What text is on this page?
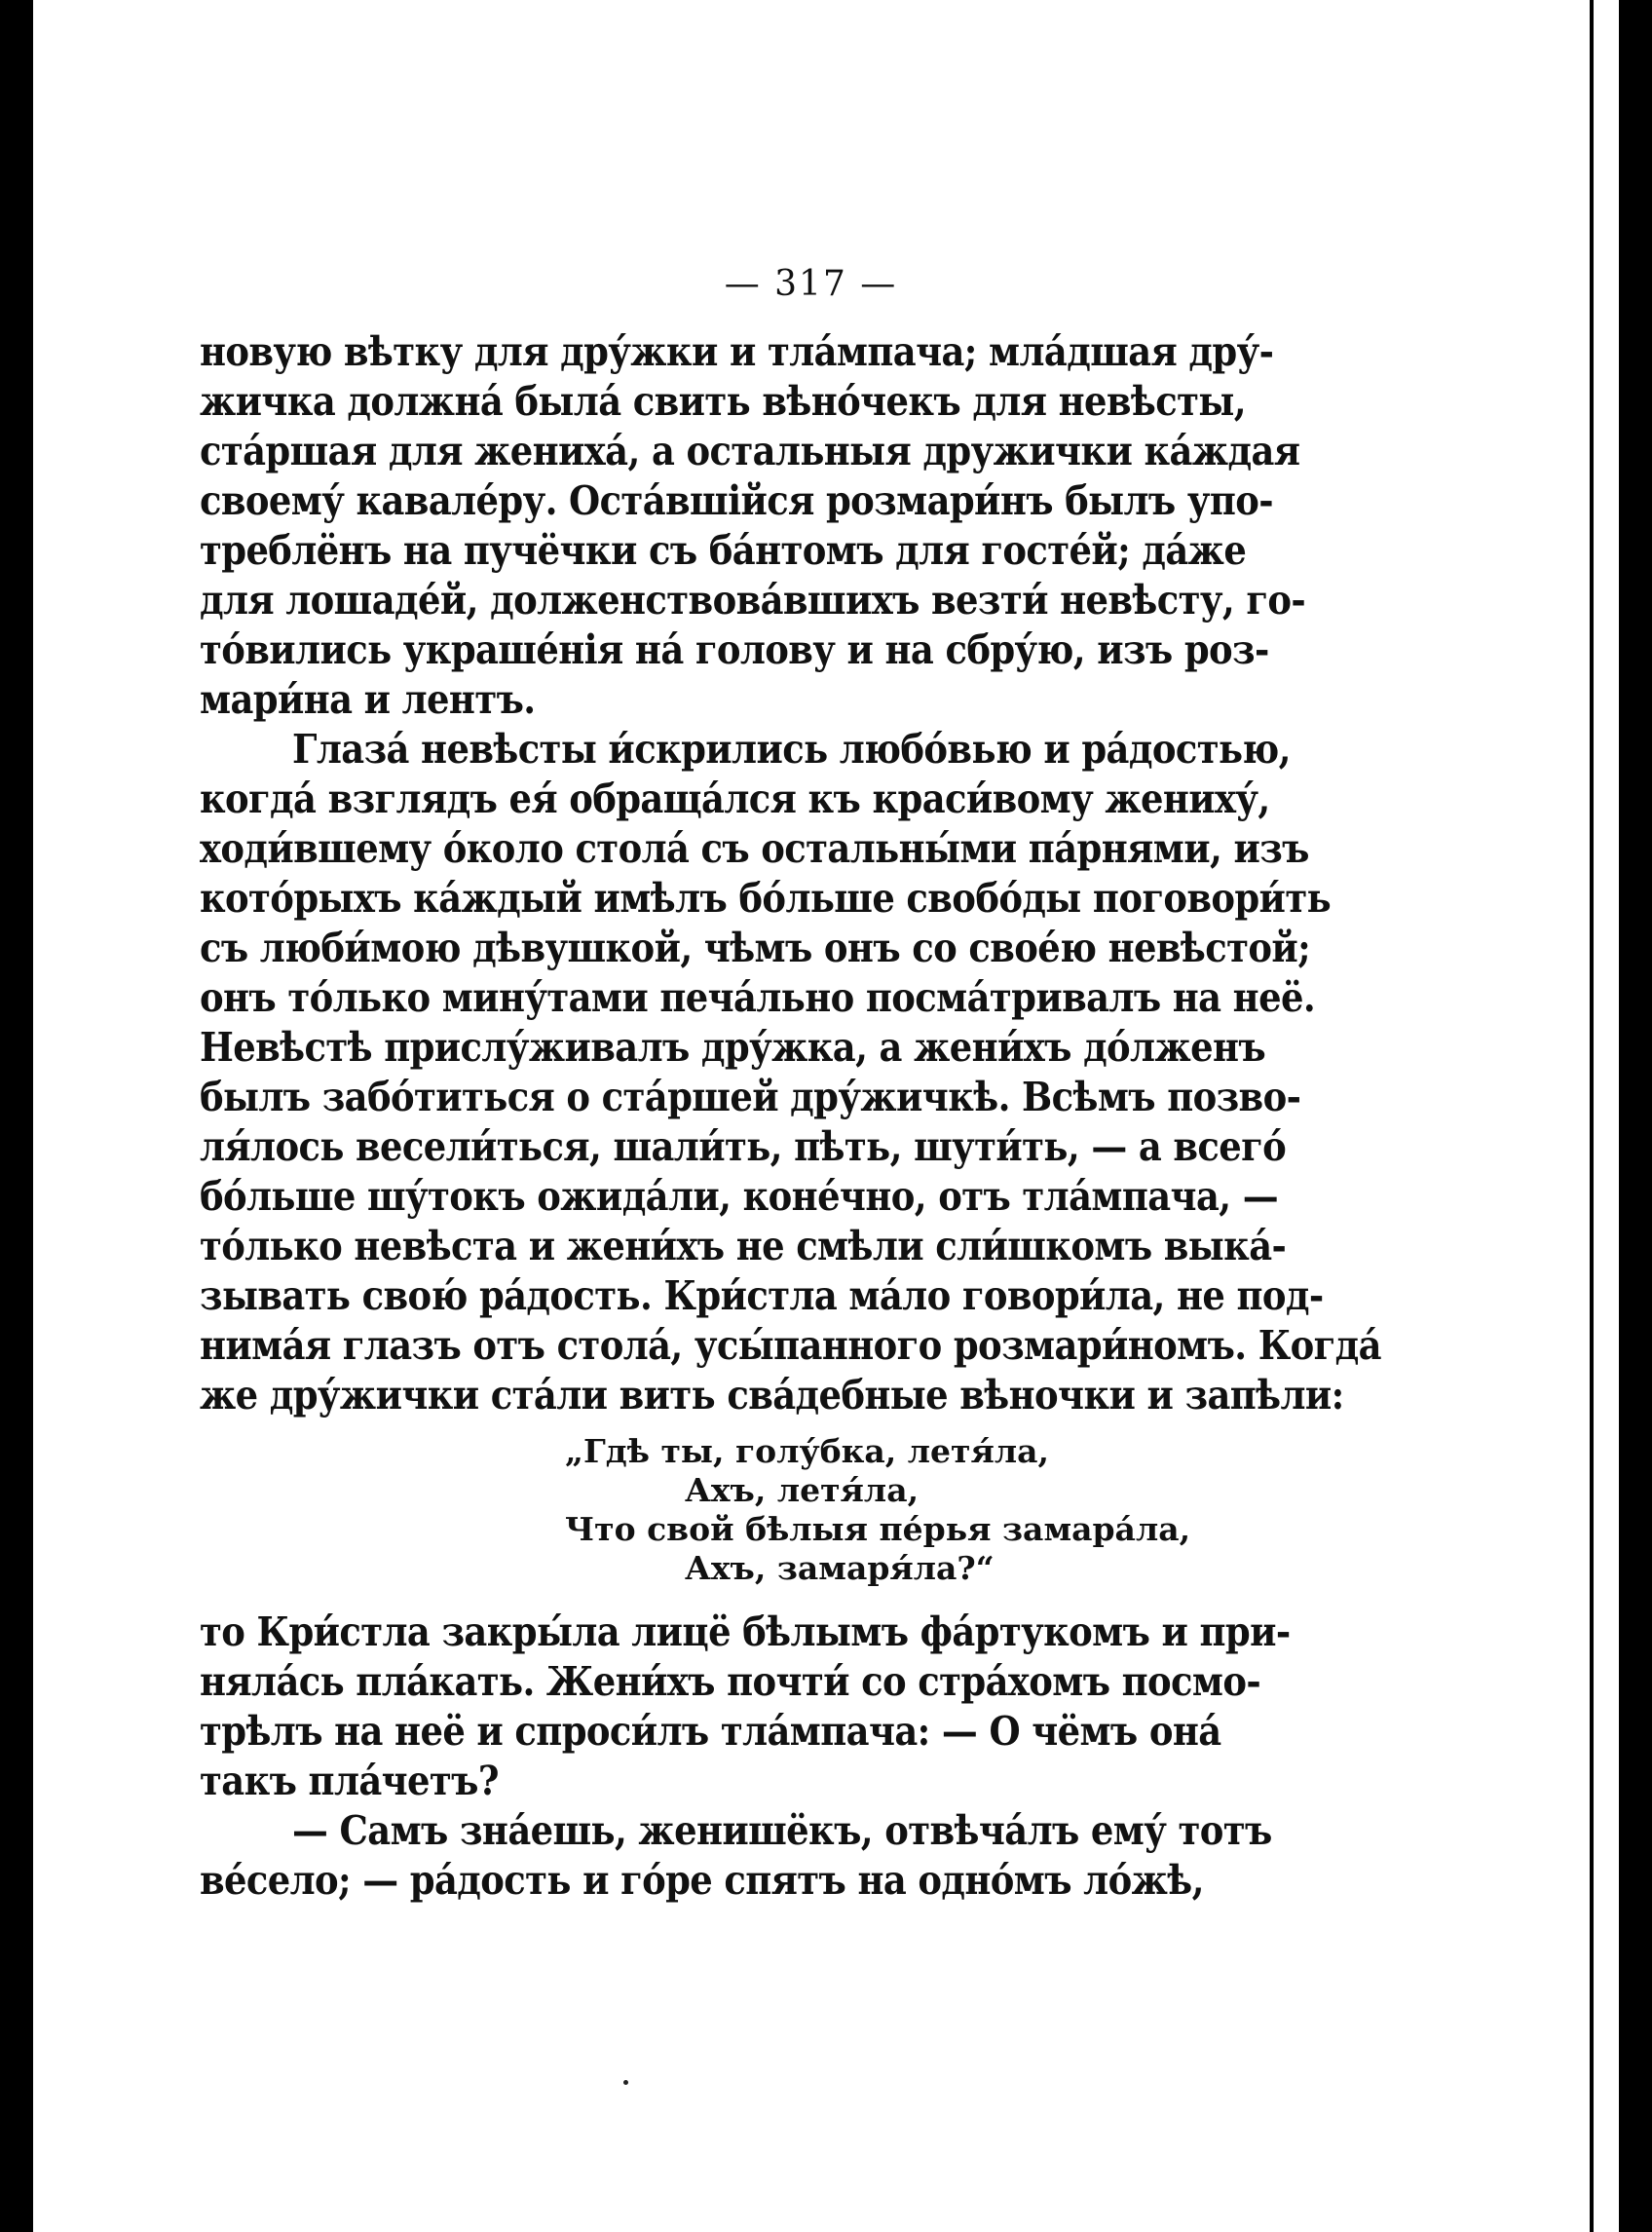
— 317 —
новую вѣтку для дру́жки и тла́мпача; мла́дшая дру́-
жичка должна́ была́ свить вѣно́чекъ для невѣсты,
ста́ршая для жениха́, а остальныя дружички ка́ждая
своему́ кавале́ру. Оста́вшійся розмари́нъ былъ упо-
треблёнъ на пучёчки съ ба́нтомъ для госте́й; да́же
для лошаде́й, долженствова́вшихъ везти́ невѣсту, го-
то́вились украше́нія на́ голову и на сбру́ю, изъ роз-
мари́на и лентъ.
Глаза́ невѣсты и́скрились любо́вью и ра́достью,
когда́ взглядъ ея́ обраща́лся къ краси́вому жениху́,
ходи́вшему о́коло стола́ съ остальны́ми па́рнями, изъ
кото́рыхъ ка́ждый имѣлъ бо́льше свобо́ды поговори́ть
съ люби́мою дѣвушкой, чѣмъ онъ со свое́ю невѣстой;
онъ то́лько мину́тами печа́льно посма́тривалъ на неё.
Невѣстѣ прислу́живалъ дру́жка, а жени́хъ до́лженъ
былъ забо́титься о ста́ршей дру́жичкѣ. Всѣмъ позво-
ля́лось весели́ться, шали́ть, пѣть, шути́ть, — а всего́
бо́льше шу́токъ ожида́ли, коне́чно, отъ тла́мпача, —
то́лько невѣста и жени́хъ не смѣли сли́шкомъ выка́-
зывать свою́ ра́дость. Кри́стла ма́ло говори́ла, не под-
нима́я глазъ отъ стола́, усы́панного розмари́номъ. Когда́
же дру́жички ста́ли вить сва́дебные вѣночки и запѣли:
„Гдѣ ты, голу́бка, летя́ла,
Ахъ, летя́ла,
Что свой бѣлыя пе́рья замара́ла,
Ахъ, замаря́ла?“
то Кри́стла закры́ла лицё бѣлымъ фа́ртукомъ и при-
няла́сь пла́кать. Жени́хъ почти́ со стра́хомъ посмо-
трѣлъ на неё и спроси́лъ тла́мпача: — О чёмъ она́
такъ пла́четъ?
— Самъ зна́ешь, женишёкъ, отвѣча́лъ ему́ тотъ
ве́село; — ра́дость и го́ре спятъ на одно́мъ ло́жѣ,
